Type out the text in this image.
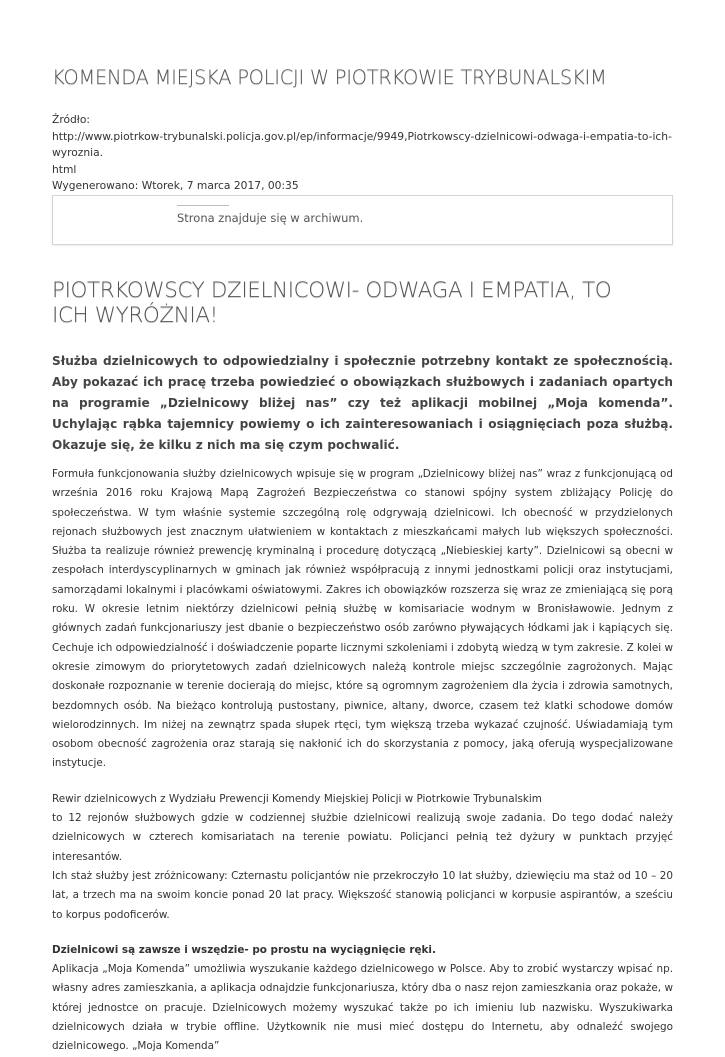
KOMENDA MIEJSKA POLICJI W PIOTRKOWIE TRYBUNALSKIM
Źródło:
http://www.piotrkow-trybunalski.policja.gov.pl/ep/informacje/9949,Piotrkowscy-dzielnicowi-odwaga-i-empatia-to-ich-wyroznia.
html
Wygenerowano: Wtorek, 7 marca 2017, 00:35
Strona znajduje się w archiwum.
PIOTRKOWSCY DZIELNICOWI- ODWAGA I EMPATIA, TO ICH WYRÓŻNIA!

Służba dzielnicowych to odpowiedzialny i społecznie potrzebny kontakt ze społecznością. Aby pokazać ich pracę trzeba powiedzieć o obowiązkach służbowych i zadaniach opartych na programie „Dzielnicowy bliżej nas” czy też aplikacji mobilnej „Moja komenda”. Uchylając rąbka tajemnicy powiemy o ich zainteresowaniach i osiągnięciach poza służbą. Okazuje się, że kilku z nich ma się czym pochwalić.

Formuła funkcjonowania służby dzielnicowych wpisuje się w program „Dzielnicowy bliżej nas” wraz z funkcjonującą od września 2016 roku Krajową Mapą Zagrożeń Bezpieczeństwa co stanowi spójny system zbliżający Policję do społeczeństwa. W tym właśnie systemie szczególną rolę odgrywają dzielnicowi. Ich obecność w przydzielonych rejonach służbowych jest znacznym ułatwieniem w kontaktach z mieszkańcami małych lub większych społeczności. Służba ta realizuje również prewencję kryminalną i procedurę dotyczącą „Niebieskiej karty”. Dzielnicowi są obecni w zespołach interdyscyplinarnych w gminach jak również współpracują z innymi jednostkami policji oraz instytucjami, samorządami lokalnymi i placówkami oświatowymi. Zakres ich obowiązków rozszerza się wraz ze zmieniającą się porą roku. W okresie letnim niektórzy dzielnicowi pełnią służbę w komisariacie wodnym w Bronisławowie. Jednym z głównych zadań funkcjonariuszy jest dbanie o bezpieczeństwo osób zarówno pływających łódkami jak i kąpiących się. Cechuje ich odpowiedzialność i doświadczenie poparte licznymi szkoleniami i zdobytą wiedzą w tym zakresie. Z kolei w okresie zimowym do priorytetowych zadań dzielnicowych należą kontrole miejsc szczególnie zagrożonych. Mając doskonałe rozpoznanie w terenie docierają do miejsc, które są ogromnym zagrożeniem dla życia i zdrowia samotnych, bezdomnych osób. Na bieżąco kontrolują pustostany, piwnice, altany, dworce, czasem też klatki schodowe domów wielorodzinnych. Im niżej na zewnątrz spada słupek rtęci, tym większą trzeba wykazać czujność. Uświadamiają tym osobom obecność zagrożenia oraz starają się nakłonić ich do skorzystania z pomocy, jaką oferują wyspecjalizowane instytucje.

Rewir dzielnicowych z Wydziału Prewencji Komendy Miejskiej Policji w Piotrkowie Trybunalskim

to 12 rejonów służbowych gdzie w codziennej służbie dzielnicowi realizują swoje zadania. Do tego dodać należy dzielnicowych w czterech komisariatach na terenie powiatu. Policjanci pełnią też dyżury w punktach przyjęć interesantów.

Ich staż służby jest zróżnicowany: Czternastu policjantów nie przekroczyło 10 lat służby, dziewięciu ma staż od 10 – 20 lat, a trzech ma na swoim koncie ponad 20 lat pracy. Większość stanowią policjanci w korpusie aspirantów, a sześciu to korpus podoficerów.

Dzielnicowi są zawsze i wszędzie- po prostu na wyciągnięcie ręki.

Aplikacja „Moja Komenda” umożliwia wyszukanie każdego dzielnicowego w Polsce. Aby to zrobić wystarczy wpisać np. własny adres zamieszkania, a aplikacja odnajdzie funkcjonariusza, który dba o nasz rejon zamieszkania oraz pokaże, w której jednostce on pracuje. Dzielnicowych możemy wyszukać także po ich imieniu lub nazwisku. Wyszukiwarka dzielnicowych działa w trybie offline. Użytkownik nie musi mieć dostępu do Internetu, aby odnaleźć swojego dzielnicowego. „Moja Komenda”
